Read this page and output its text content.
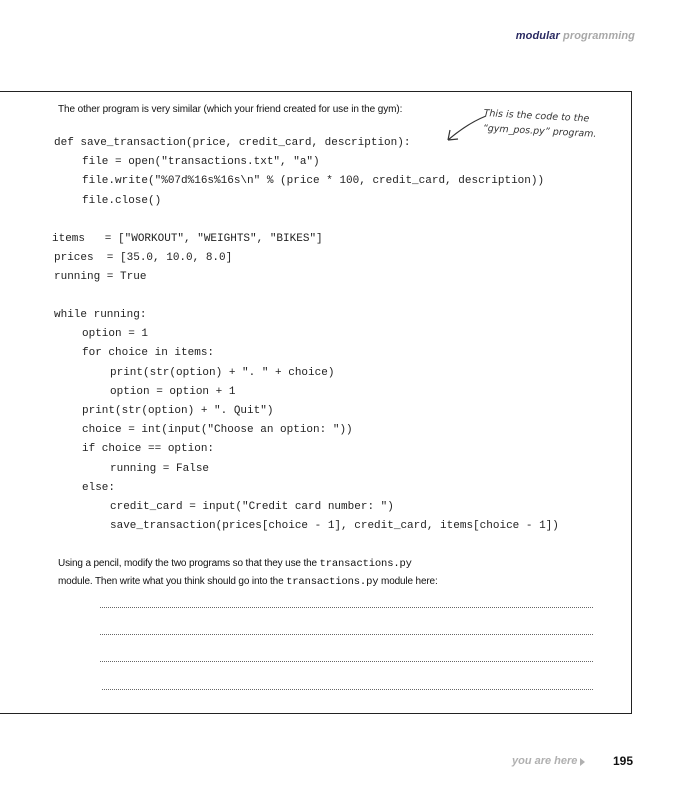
modular programming
The other program is very similar (which your friend created for use in the gym):	This is the code to the
“gym_pos.py” program.
def save_transaction(price, credit_card, description):
file = open("transactions.txt", "a")
file.write("%07d%16s%16s\n" % (price * 100, credit_card, description))
file.close()
items   = ["WORKOUT", "WEIGHTS", "BIKES"]
prices  = [35.0, 10.0, 8.0]
running = True
while running:
option = 1
for choice in items:
print(str(option) + ". " + choice)
option = option + 1
print(str(option) + ". Quit")
choice = int(input("Choose an option: "))
if choice == option:
running = False
else:
credit_card = input("Credit card number: ")
save_transaction(prices[choice - 1], credit_card, items[choice - 1])
Using a pencil, modify the two programs so that they use the transactions.py
module. Then write what you think should go into the transactions.py module here:
you are here	195
